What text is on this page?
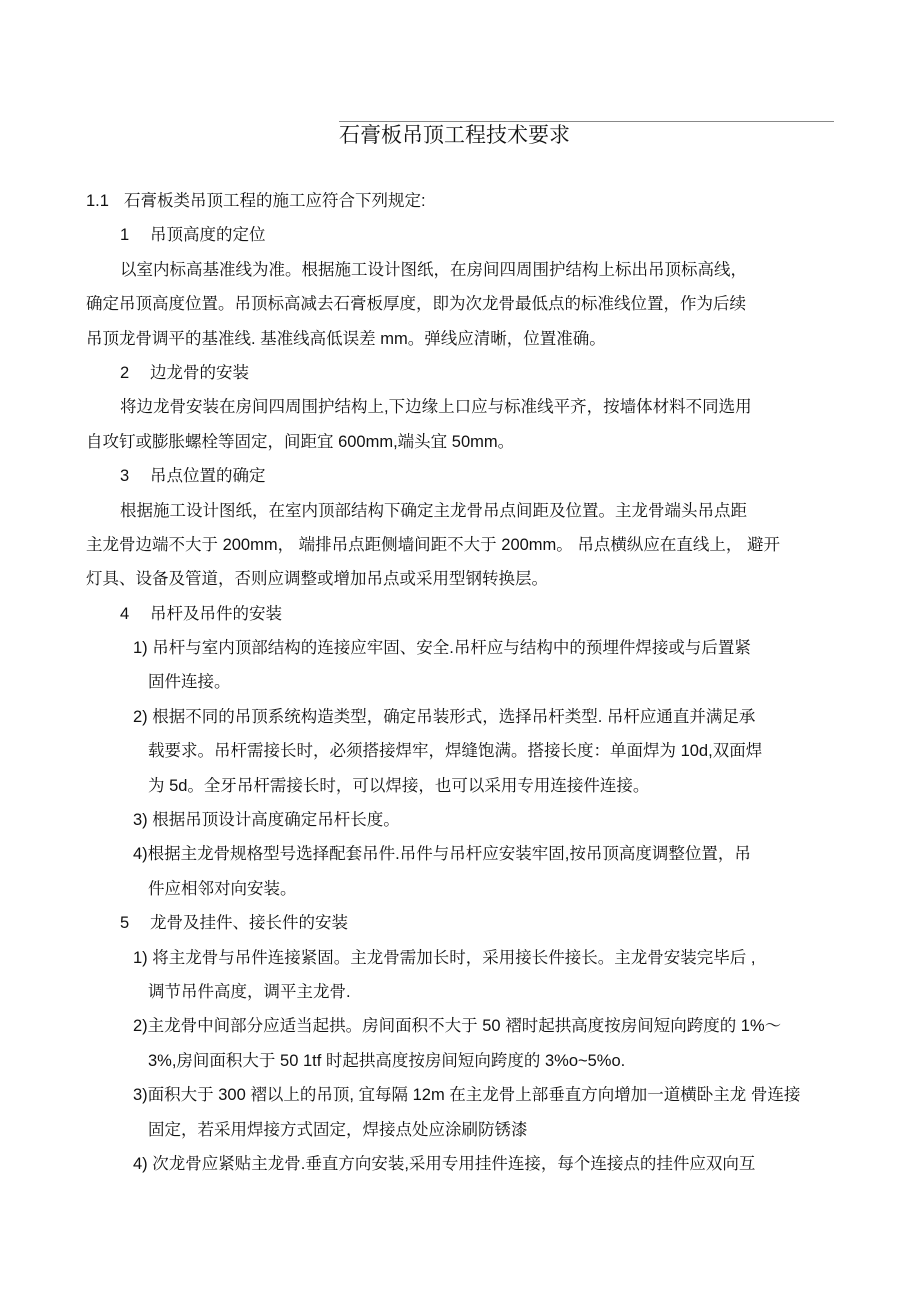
石膏板吊顶工程技术要求
1.1 石膏板类吊顶工程的施工应符合下列规定:
1 吊顶高度的定位
以室内标高基准线为准。根据施工设计图纸，在房间四周围护结构上标出吊顶标高线，
确定吊顶高度位置。吊顶标高减去石膏板厚度，即为次龙骨最低点的标准线位置，作为后续
吊顶龙骨调平的基准线. 基准线高低误差 mm。弹线应清晰，位置准确。
2 边龙骨的安装
将边龙骨安装在房间四周围护结构上,下边缘上口应与标准线平齐，按墙体材料不同选用
自攻钉或膨胀螺栓等固定，间距宜 600mm,端头宜 50mm。
3 吊点位置的确定
根据施工设计图纸，在室内顶部结构下确定主龙骨吊点间距及位置。主龙骨端头吊点距
主龙骨边端不大于 200mm， 端排吊点距侧墙间距不大于 200mm。 吊点横纵应在直线上， 避开
灯具、设备及管道，否则应调整或增加吊点或采用型钢转换层。
4 吊杆及吊件的安装
1) 吊杆与室内顶部结构的连接应牢固、安全.吊杆应与结构中的预埋件焊接或与后置紧
固件连接。
2) 根据不同的吊顶系统构造类型，确定吊装形式，选择吊杆类型. 吊杆应通直并满足承
载要求。吊杆需接长时，必须搭接焊牢，焊缝饱满。搭接长度：单面焊为 10d,双面焊
为 5d。全牙吊杆需接长时，可以焊接，也可以采用专用连接件连接。
3) 根据吊顶设计高度确定吊杆长度。
4)根据主龙骨规格型号选择配套吊件.吊件与吊杆应安装牢固,按吊顶高度调整位置，吊
件应相邻对向安装。
5 龙骨及挂件、接长件的安装
1) 将主龙骨与吊件连接紧固。主龙骨需加长时，采用接长件接长。主龙骨安装完毕后 ,
调节吊件高度，调平主龙骨.
2)主龙骨中间部分应适当起拱。房间面积不大于 50 褶时起拱高度按房间短向跨度的 1%～
3%,房间面积大于 50 1tf 时起拱高度按房间短向跨度的 3%o~5%o.
3)面积大于 300 褶以上的吊顶, 宜每隔 12m 在主龙骨上部垂直方向增加一道横卧主龙 骨连接
固定，若采用焊接方式固定，焊接点处应涂刷防锈漆
4) 次龙骨应紧贴主龙骨.垂直方向安装,采用专用挂件连接，每个连接点的挂件应双向互
